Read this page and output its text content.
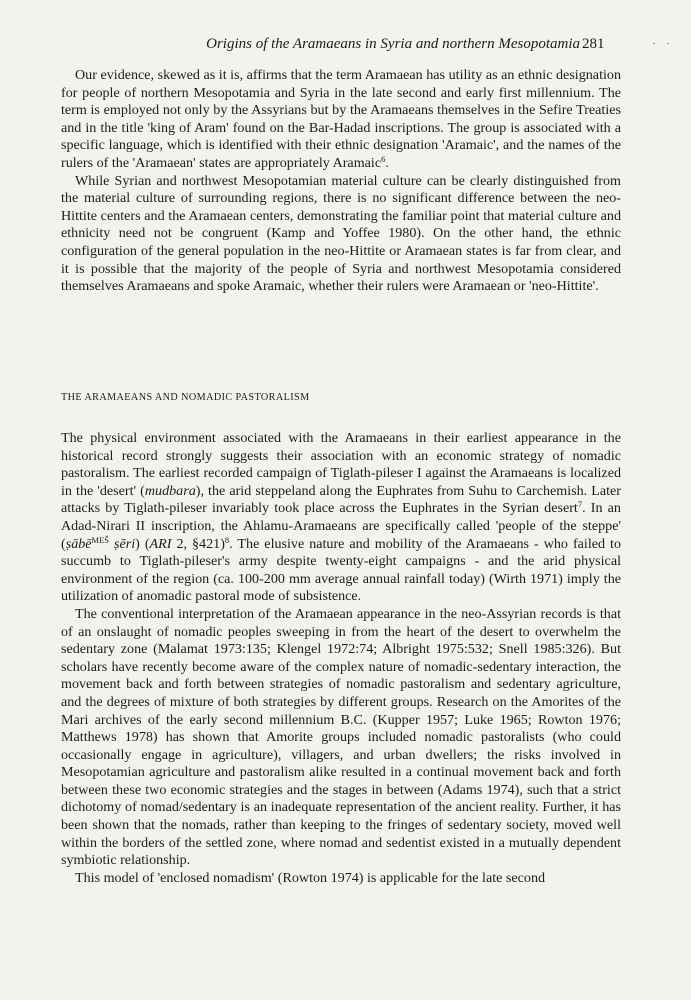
Origins of the Aramaeans in Syria and northern Mesopotamia 281	· ·

Our evidence, skewed as it is, affirms that the term Aramaean has utility as an ethnic designation for people of northern Mesopotamia and Syria in the late second and early first millennium. The term is employed not only by the Assyrians but by the Aramaeans themselves in the Sefire Treaties and in the title 'king of Aram' found on the Bar-Hadad inscriptions. The group is associated with a specific language, which is identified with their ethnic designation 'Aramaic', and the names of the rulers of the 'Aramaean' states are appropriately Aramaic$^6$.

While Syrian and northwest Mesopotamian material culture can be clearly distinguished from the material culture of surrounding regions, there is no significant difference between the neo-Hittite centers and the Aramaean centers, demonstrating the familiar point that material culture and ethnicity need not be congruent (Kamp and Yoffee 1980). On the other hand, the ethnic configuration of the general population in the neo-Hittite or Aramaean states is far from clear, and it is possible that the majority of the people of Syria and northwest Mesopotamia considered themselves Aramaeans and spoke Aramaic, whether their rulers were Aramaean or 'neo-Hittite'.

THE ARAMAEANS AND NOMADIC PASTORALISM

The physical environment associated with the Aramaeans in their earliest appearance in the historical record strongly suggests their association with an economic strategy of nomadic pastoralism. The earliest recorded campaign of Tiglath-pileser I against the Aramaeans is localized in the 'desert' (mudbara), the arid steppeland along the Euphrates from Suhu to Carchemish. Later attacks by Tiglath-pileser invariably took place across the Euphrates in the Syrian desert$^7$. In an Adad-Nirari II inscription, the Ahlamu-Aramaeans are specifically called 'people of the steppe' (ṣābē$^{MEŠ}$ ṣēri) (ARI 2, §421)$^8$. The elusive nature and mobility of the Aramaeans - who failed to succumb to Tiglath-pileser's army despite twenty-eight campaigns - and the arid physical environment of the region (ca. 100-200 mm average annual rainfall today) (Wirth 1971) imply the utilization of anomadic pastoral mode of subsistence.

The conventional interpretation of the Aramaean appearance in the neo-Assyrian records is that of an onslaught of nomadic peoples sweeping in from the heart of the desert to overwhelm the sedentary zone (Malamat 1973:135; Klengel 1972:74; Albright 1975:532; Snell 1985:326). But scholars have recently become aware of the complex nature of nomadic-sedentary interaction, the movement back and forth between strategies of nomadic pastoralism and sedentary agriculture, and the degrees of mixture of both strategies by different groups. Research on the Amorites of the Mari archives of the early second millennium B.C. (Kupper 1957; Luke 1965; Rowton 1976; Matthews 1978) has shown that Amorite groups included nomadic pastoralists (who could occasionally engage in agriculture), villagers, and urban dwellers; the risks involved in Mesopotamian agriculture and pastoralism alike resulted in a continual movement back and forth between these two economic strategies and the stages in between (Adams 1974), such that a strict dichotomy of nomad/sedentary is an inadequate representation of the ancient reality. Further, it has been shown that the nomads, rather than keeping to the fringes of sedentary society, moved well within the borders of the settled zone, where nomad and sedentist existed in a mutually dependent symbiotic relationship.

This model of 'enclosed nomadism' (Rowton 1974) is applicable for the late second
